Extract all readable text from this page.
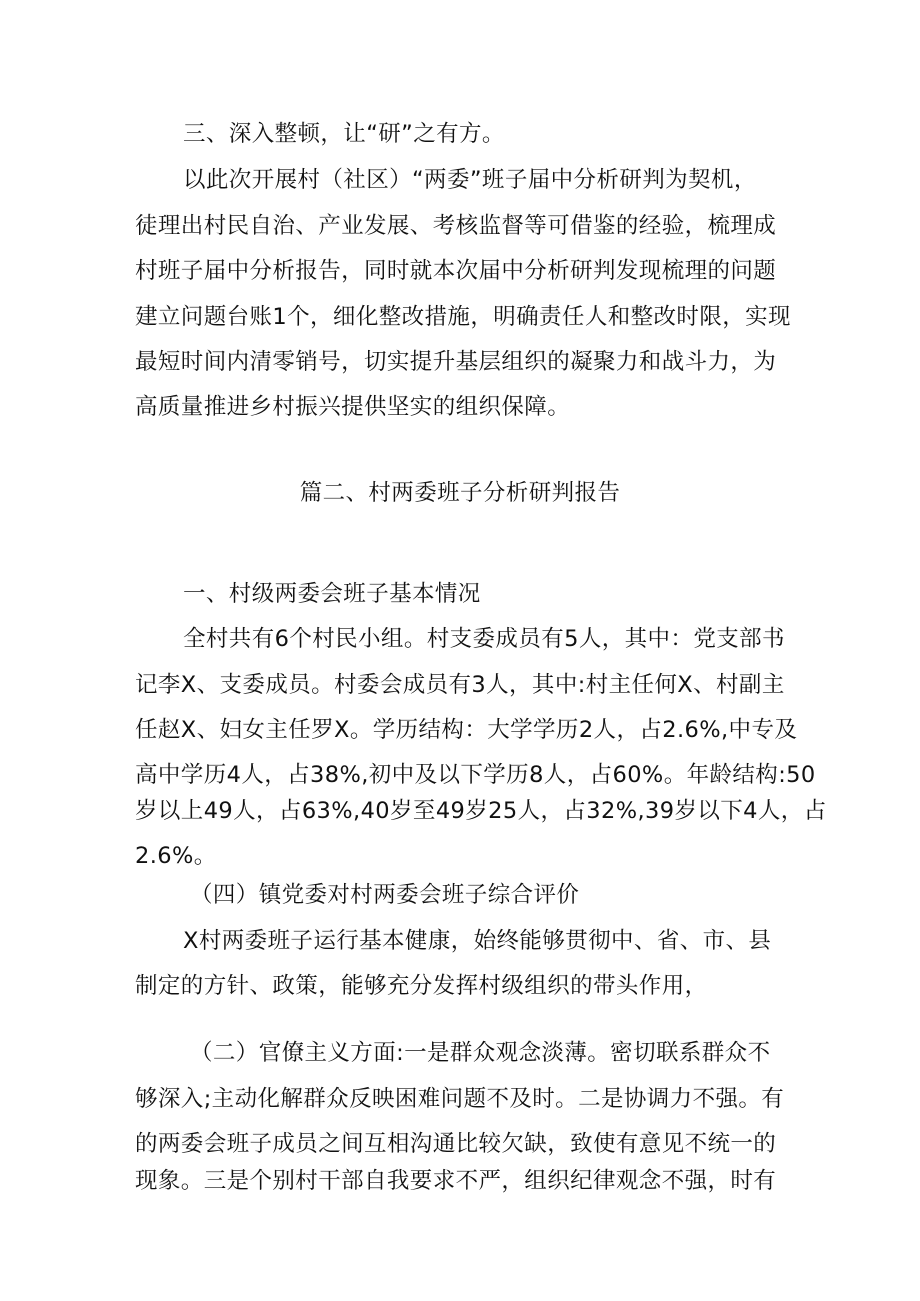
三、深入整顿，让“研”之有方。
以此次开展村（社区）“两委”班子届中分析研判为契机，
徒理出村民自治、产业发展、考核监督等可借鉴的经验，梳理成
村班子届中分析报告，同时就本次届中分析研判发现梳理的问题
建立问题台账1个，细化整改措施，明确责任人和整改时限，实现
最短时间内清零销号，切实提升基层组织的凝聚力和战斗力，为
高质量推进乡村振兴提供坚实的组织保障。
篇二、村两委班子分析研判报告
一、村级两委会班子基本情况
全村共有6个村民小组。村支委成员有5人，其中：党支部书
记李X、支委成员。村委会成员有3人，其中:村主任何X、村副主
任赵X、妇女主任罗X。学历结构：大学学历2人，占2.6%,中专及
高中学历4人，占38%,初中及以下学历8人，占60%。年龄结构:50
岁以上49人，占63%,40岁至49岁25人，占32%,39岁以下4人，占
2.6%。
（四）镇党委对村两委会班子综合评价
X村两委班子运行基本健康，始终能够贯彻中、省、市、县
制定的方针、政策，能够充分发挥村级组织的带头作用，
（二）官僚主义方面:一是群众观念淡薄。密切联系群众不
够深入;主动化解群众反映困难问题不及时。二是协调力不强。有
的两委会班子成员之间互相沟通比较欠缺，致使有意见不统一的
现象。三是个别村干部自我要求不严，组织纪律观念不强，时有
